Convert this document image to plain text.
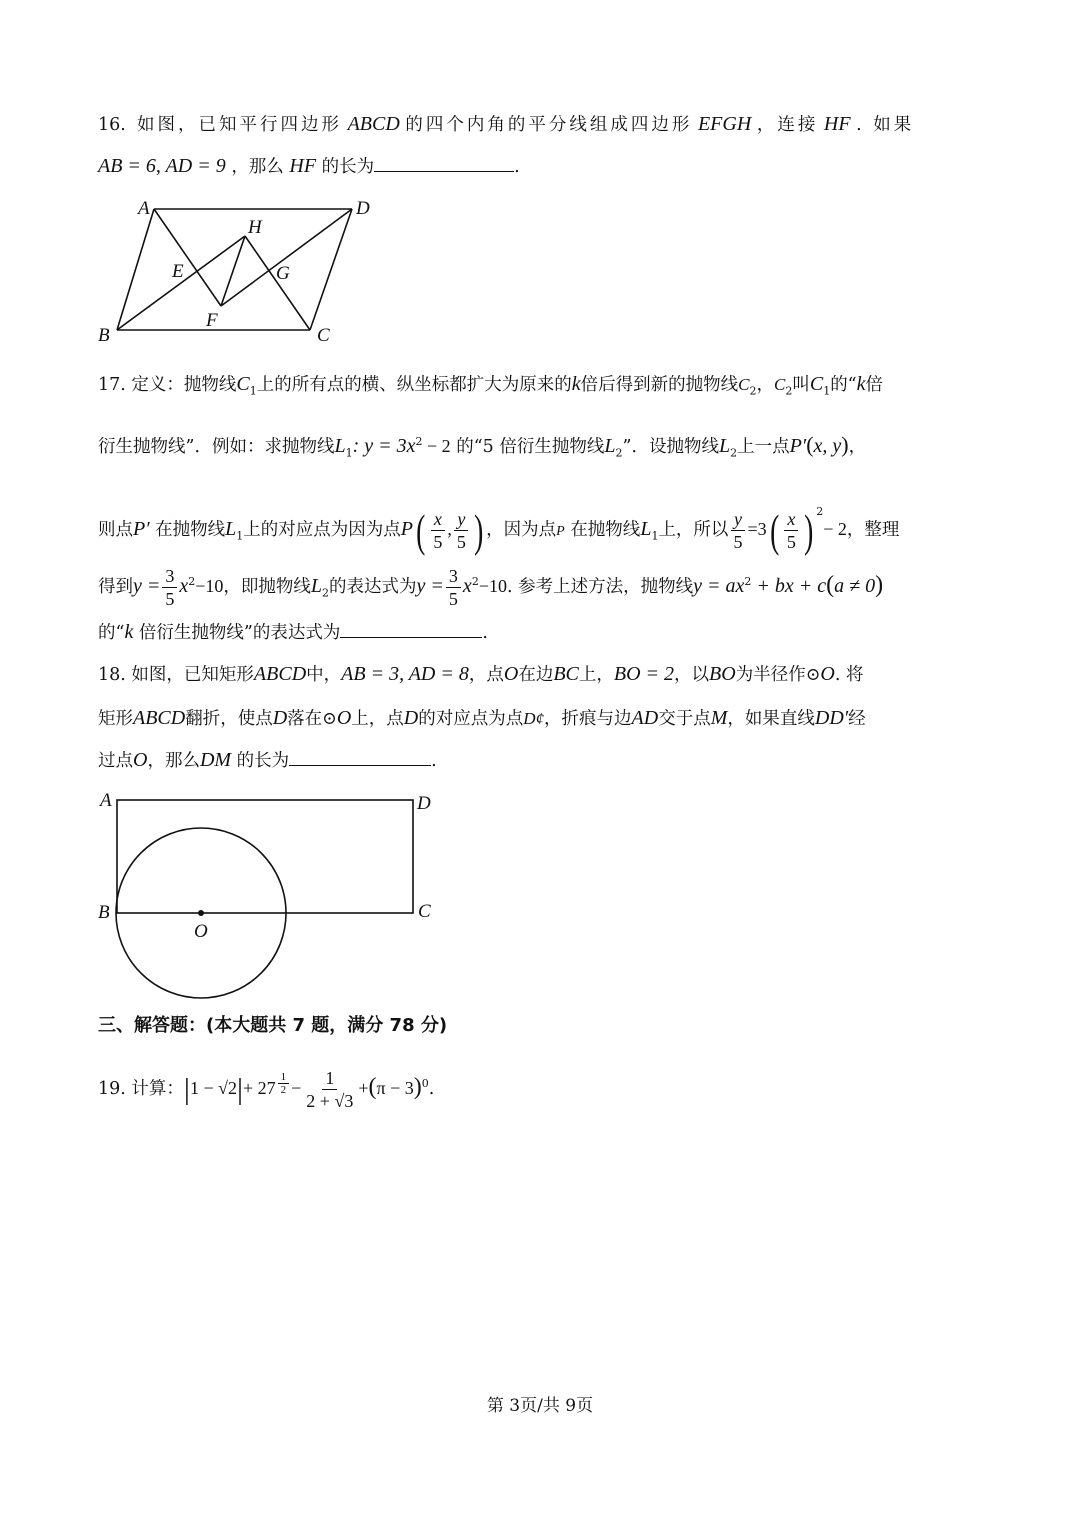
16. 如图，已知平行四边形 ABCD 的四个内角的平分线组成四边形 EFGH ，连接 HF . 如果
AB = 6, AD = 9 ，那么 HF 的长为	.
A	D
H
E	G
F
B	C
17. 定义：抛物线$C_1$上的所有点的横、纵坐标都扩大为原来的k倍后得到新的抛物线$C_2$，$C_2$叫$C_1$的“k倍
衍生抛物线”．例如：求抛物线$L_1$: $y = 3x^2 - 2$ 的“5 倍衍生抛物线$L_2$”．设抛物线$L_2$上一点P′(x, y)，
则点P′ 在抛物线$L_1$上的对应点为因为点$P( \frac{x}{5}$ , $\frac{y}{5}$ ) ，因为点P 在抛物线$L_1$上，所以 $\frac{y}{5} =3( \frac{x}{5}$ ) $^2$− 2，整理
得到$y = \frac{3}{5} x^2-10$，即抛物线$L_2$的表达式为$y = \frac{3}{5} x^2-10$. 参考上述方法，抛物线$y = ax^2$ + bx + c(a ≠ 0)
的“k 倍衍生抛物线”的表达式为	.
18. 如图，已知矩形ABCD中，AB = 3, AD = 8，点O在边BC上，BO = 2，以BO为半径作⊙O. 将
矩形ABCD翻折，使点D落在⊙O上，点D的对应点为点D¢，折痕与边AD交于点M，如果直线DD′经
过点O，那么DM 的长为	.
A	D
B	C
O
三、解答题：(本大题共 7 题，满分 78 分)
19. 计算：$|1 - √2|+ 27 \frac{1}{2} - \frac{1}{2 + √3} +(\pi - 3)^0$.
第 3页/共 9页
